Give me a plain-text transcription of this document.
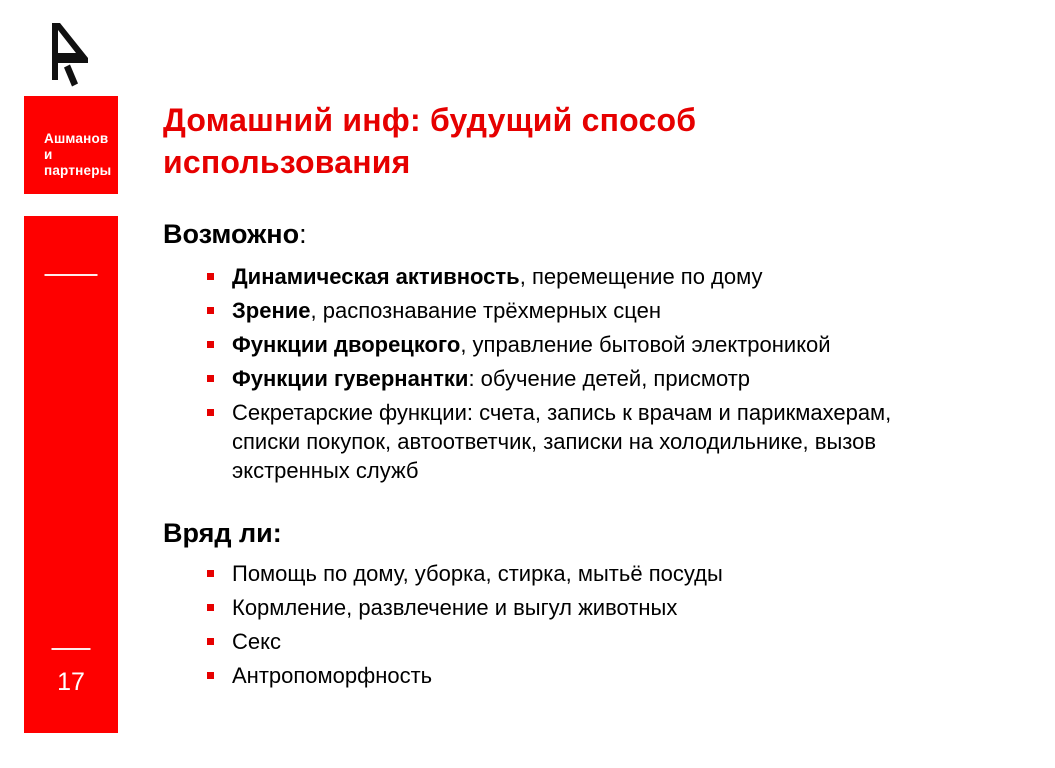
Ашманов
и партнеры
17
Домашний инф: будущий способ
использования
Возможно:
Динамическая активность, перемещение по дому
Зрение, распознавание трёхмерных сцен
Функции дворецкого, управление бытовой электроникой
Функции гувернантки: обучение детей, присмотр
Секретарские функции: счета, запись к врачам и парикмахерам, списки покупок, автоответчик, записки на холодильнике, вызов экстренных служб
Вряд ли:
Помощь по дому, уборка, стирка, мытьё посуды
Кормление, развлечение и выгул животных
Секс
Антропоморфность
